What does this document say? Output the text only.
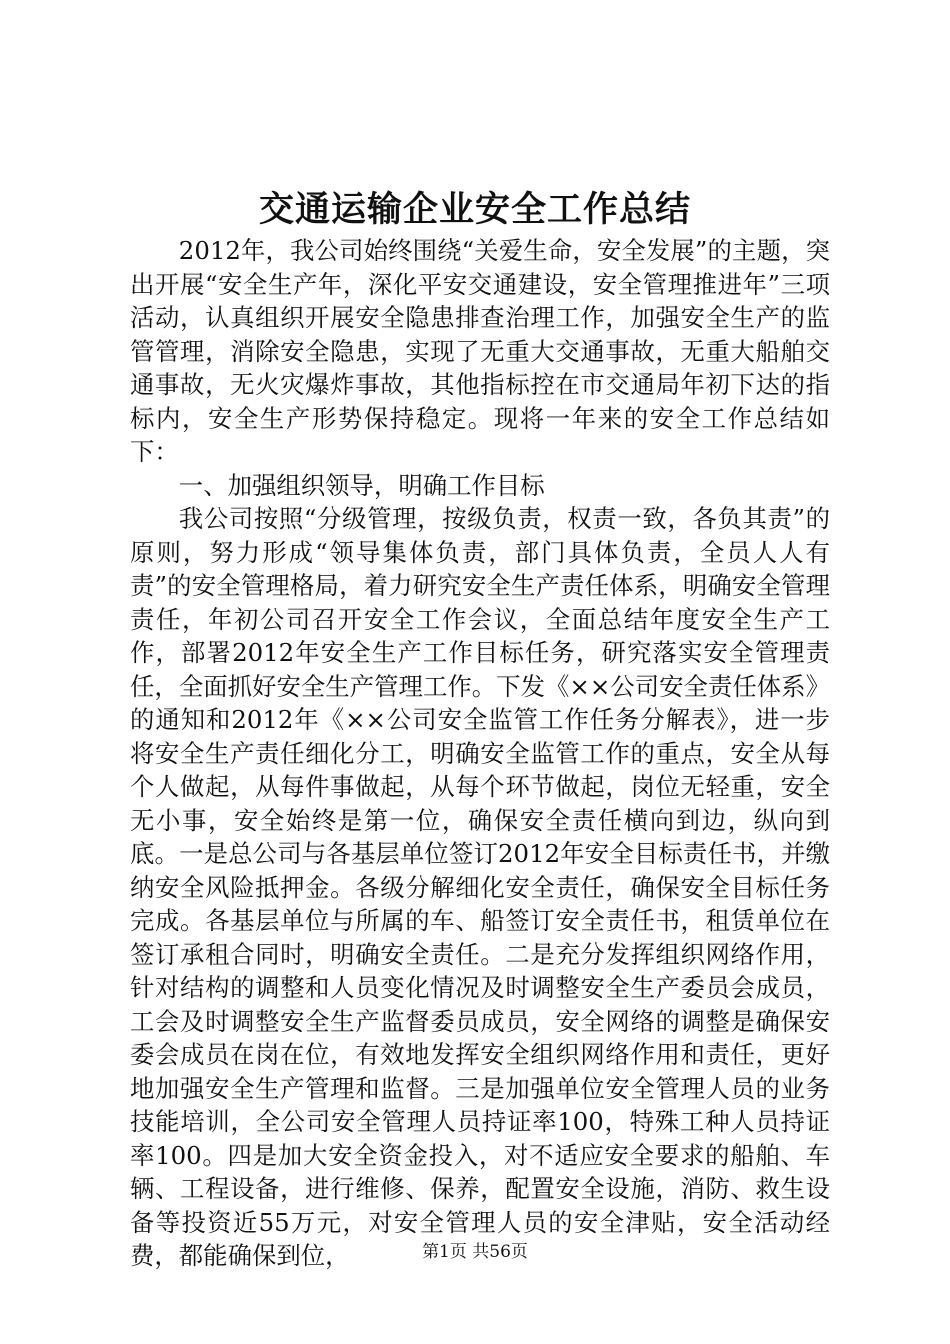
交通运输企业安全工作总结

2012年，我公司始终围绕“关爱生命，安全发展”的主题，突出开展“安全生产年，深化平安交通建设，安全管理推进年”三项活动，认真组织开展安全隐患排查治理工作，加强安全生产的监管管理，消除安全隐患，实现了无重大交通事故，无重大船舶交通事故，无火灾爆炸事故，其他指标控在市交通局年初下达的指标内，安全生产形势保持稳定。现将一年来的安全工作总结如下：

一、加强组织领导，明确工作目标

我公司按照“分级管理，按级负责，权责一致，各负其责”的原则，努力形成“领导集体负责，部门具体负责，全员人人有责”的安全管理格局，着力研究安全生产责任体系，明确安全管理责任，年初公司召开安全工作会议，全面总结年度安全生产工作，部署2012年安全生产工作目标任务，研究落实安全管理责任，全面抓好安全生产管理工作。下发《××公司安全责任体系》的通知和2012年《××公司安全监管工作任务分解表》，进一步将安全生产责任细化分工，明确安全监管工作的重点，安全从每个人做起，从每件事做起，从每个环节做起，岗位无轻重，安全无小事，安全始终是第一位，确保安全责任横向到边，纵向到底。一是总公司与各基层单位签订2012年安全目标责任书，并缴纳安全风险抵押金。各级分解细化安全责任，确保安全目标任务完成。各基层单位与所属的车、船签订安全责任书，租赁单位在签订承租合同时，明确安全责任。二是充分发挥组织网络作用，针对结构的调整和人员变化情况及时调整安全生产委员会成员，工会及时调整安全生产监督委员成员，安全网络的调整是确保安委会成员在岗在位，有效地发挥安全组织网络作用和责任，更好地加强安全生产管理和监督。三是加强单位安全管理人员的业务技能培训，全公司安全管理人员持证率100，特殊工种人员持证率100。四是加大安全资金投入，对不适应安全要求的船舶、车辆、工程设备，进行维修、保养，配置安全设施，消防、救生设备等投资近55万元，对安全管理人员的安全津贴，安全活动经费，都能确保到位，	第1页 共56页
